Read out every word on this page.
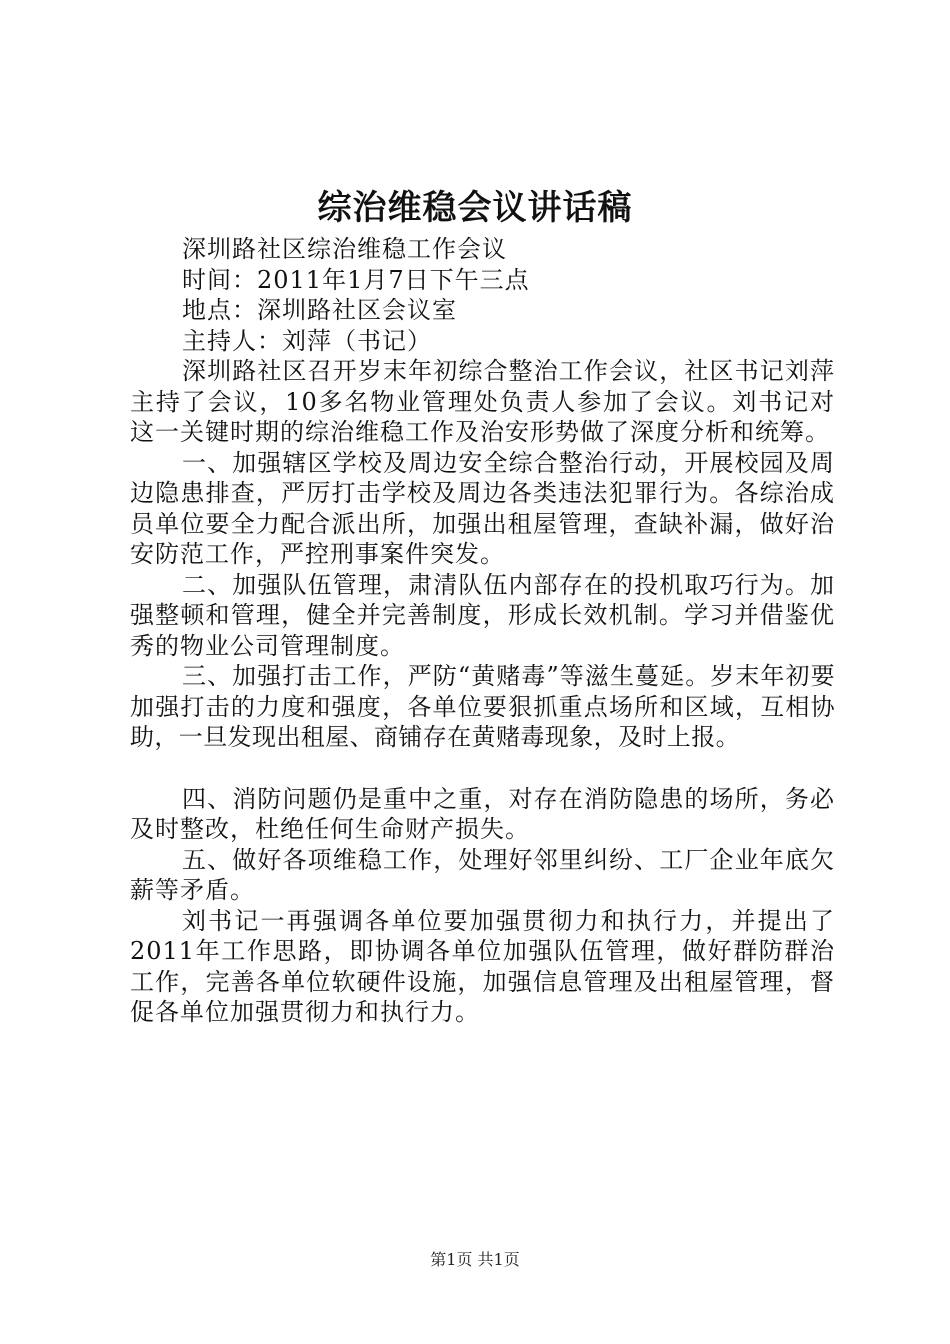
综治维稳会议讲话稿

深圳路社区综治维稳工作会议

时间：2011年1月7日下午三点

地点：深圳路社区会议室

主持人：刘萍（书记）

深圳路社区召开岁末年初综合整治工作会议，社区书记刘萍主持了会议，10多名物业管理处负责人参加了会议。刘书记对这一关键时期的综治维稳工作及治安形势做了深度分析和统筹。

一、加强辖区学校及周边安全综合整治行动，开展校园及周边隐患排查，严厉打击学校及周边各类违法犯罪行为。各综治成员单位要全力配合派出所，加强出租屋管理，查缺补漏，做好治安防范工作，严控刑事案件突发。

二、加强队伍管理，肃清队伍内部存在的投机取巧行为。加强整顿和管理，健全并完善制度，形成长效机制。学习并借鉴优秀的物业公司管理制度。

三、加强打击工作，严防“黄赌毒”等滋生蔓延。岁末年初要加强打击的力度和强度，各单位要狠抓重点场所和区域，互相协助，一旦发现出租屋、商铺存在黄赌毒现象，及时上报。

四、消防问题仍是重中之重，对存在消防隐患的场所，务必及时整改，杜绝任何生命财产损失。

五、做好各项维稳工作，处理好邻里纠纷、工厂企业年底欠薪等矛盾。

刘书记一再强调各单位要加强贯彻力和执行力，并提出了2011年工作思路，即协调各单位加强队伍管理，做好群防群治工作，完善各单位软硬件设施，加强信息管理及出租屋管理，督促各单位加强贯彻力和执行力。

第1页 共1页
